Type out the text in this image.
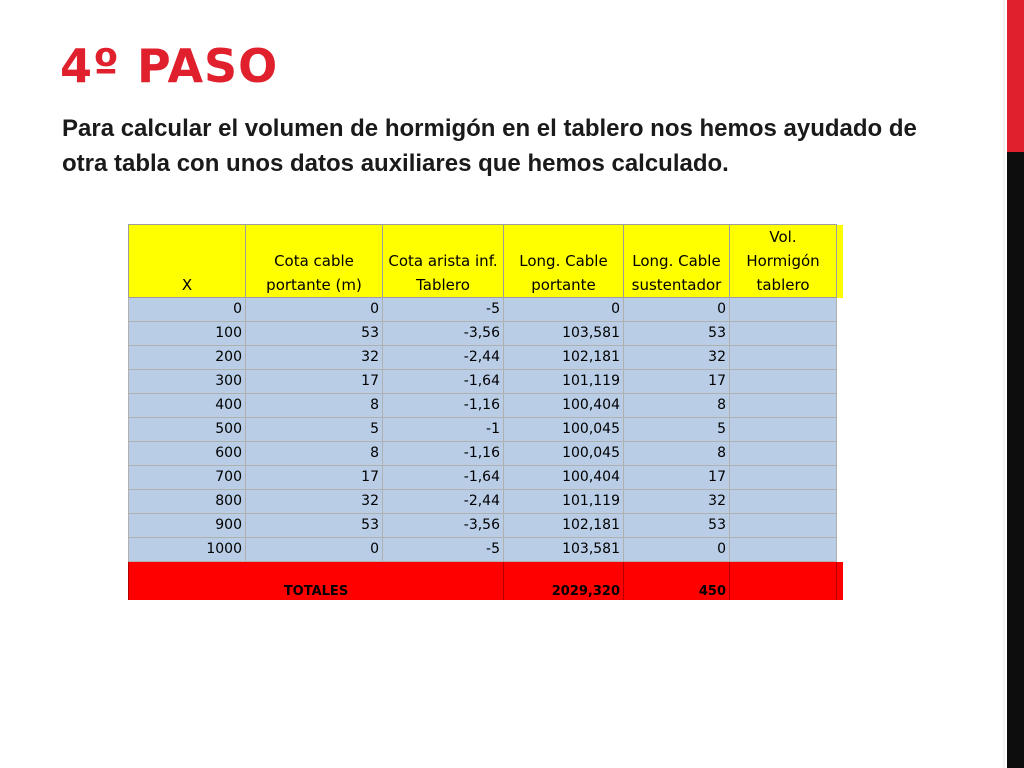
4º PASO

Para calcular el volumen de hormigón en el tablero nos hemos ayudado de otra tabla con unos datos auxiliares que hemos calculado.

X	Cota cable portante (m)	Cota arista inf. Tablero	Long. Cable portante	Long. Cable sustentador	Vol. Hormigón tablero	
0	0	-5	0	0		
100	53	-3,56	103,581	53		
200	32	-2,44	102,181	32		
300	17	-1,64	101,119	17		
400	8	-1,16	100,404	8		
500	5	-1	100,045	5		
600	8	-1,16	100,045	8		
700	17	-1,64	100,404	17		
800	32	-2,44	101,119	32		
900	53	-3,56	102,181	53		
1000	0	-5	103,581	0		
TOTALES			2029,320	450		
